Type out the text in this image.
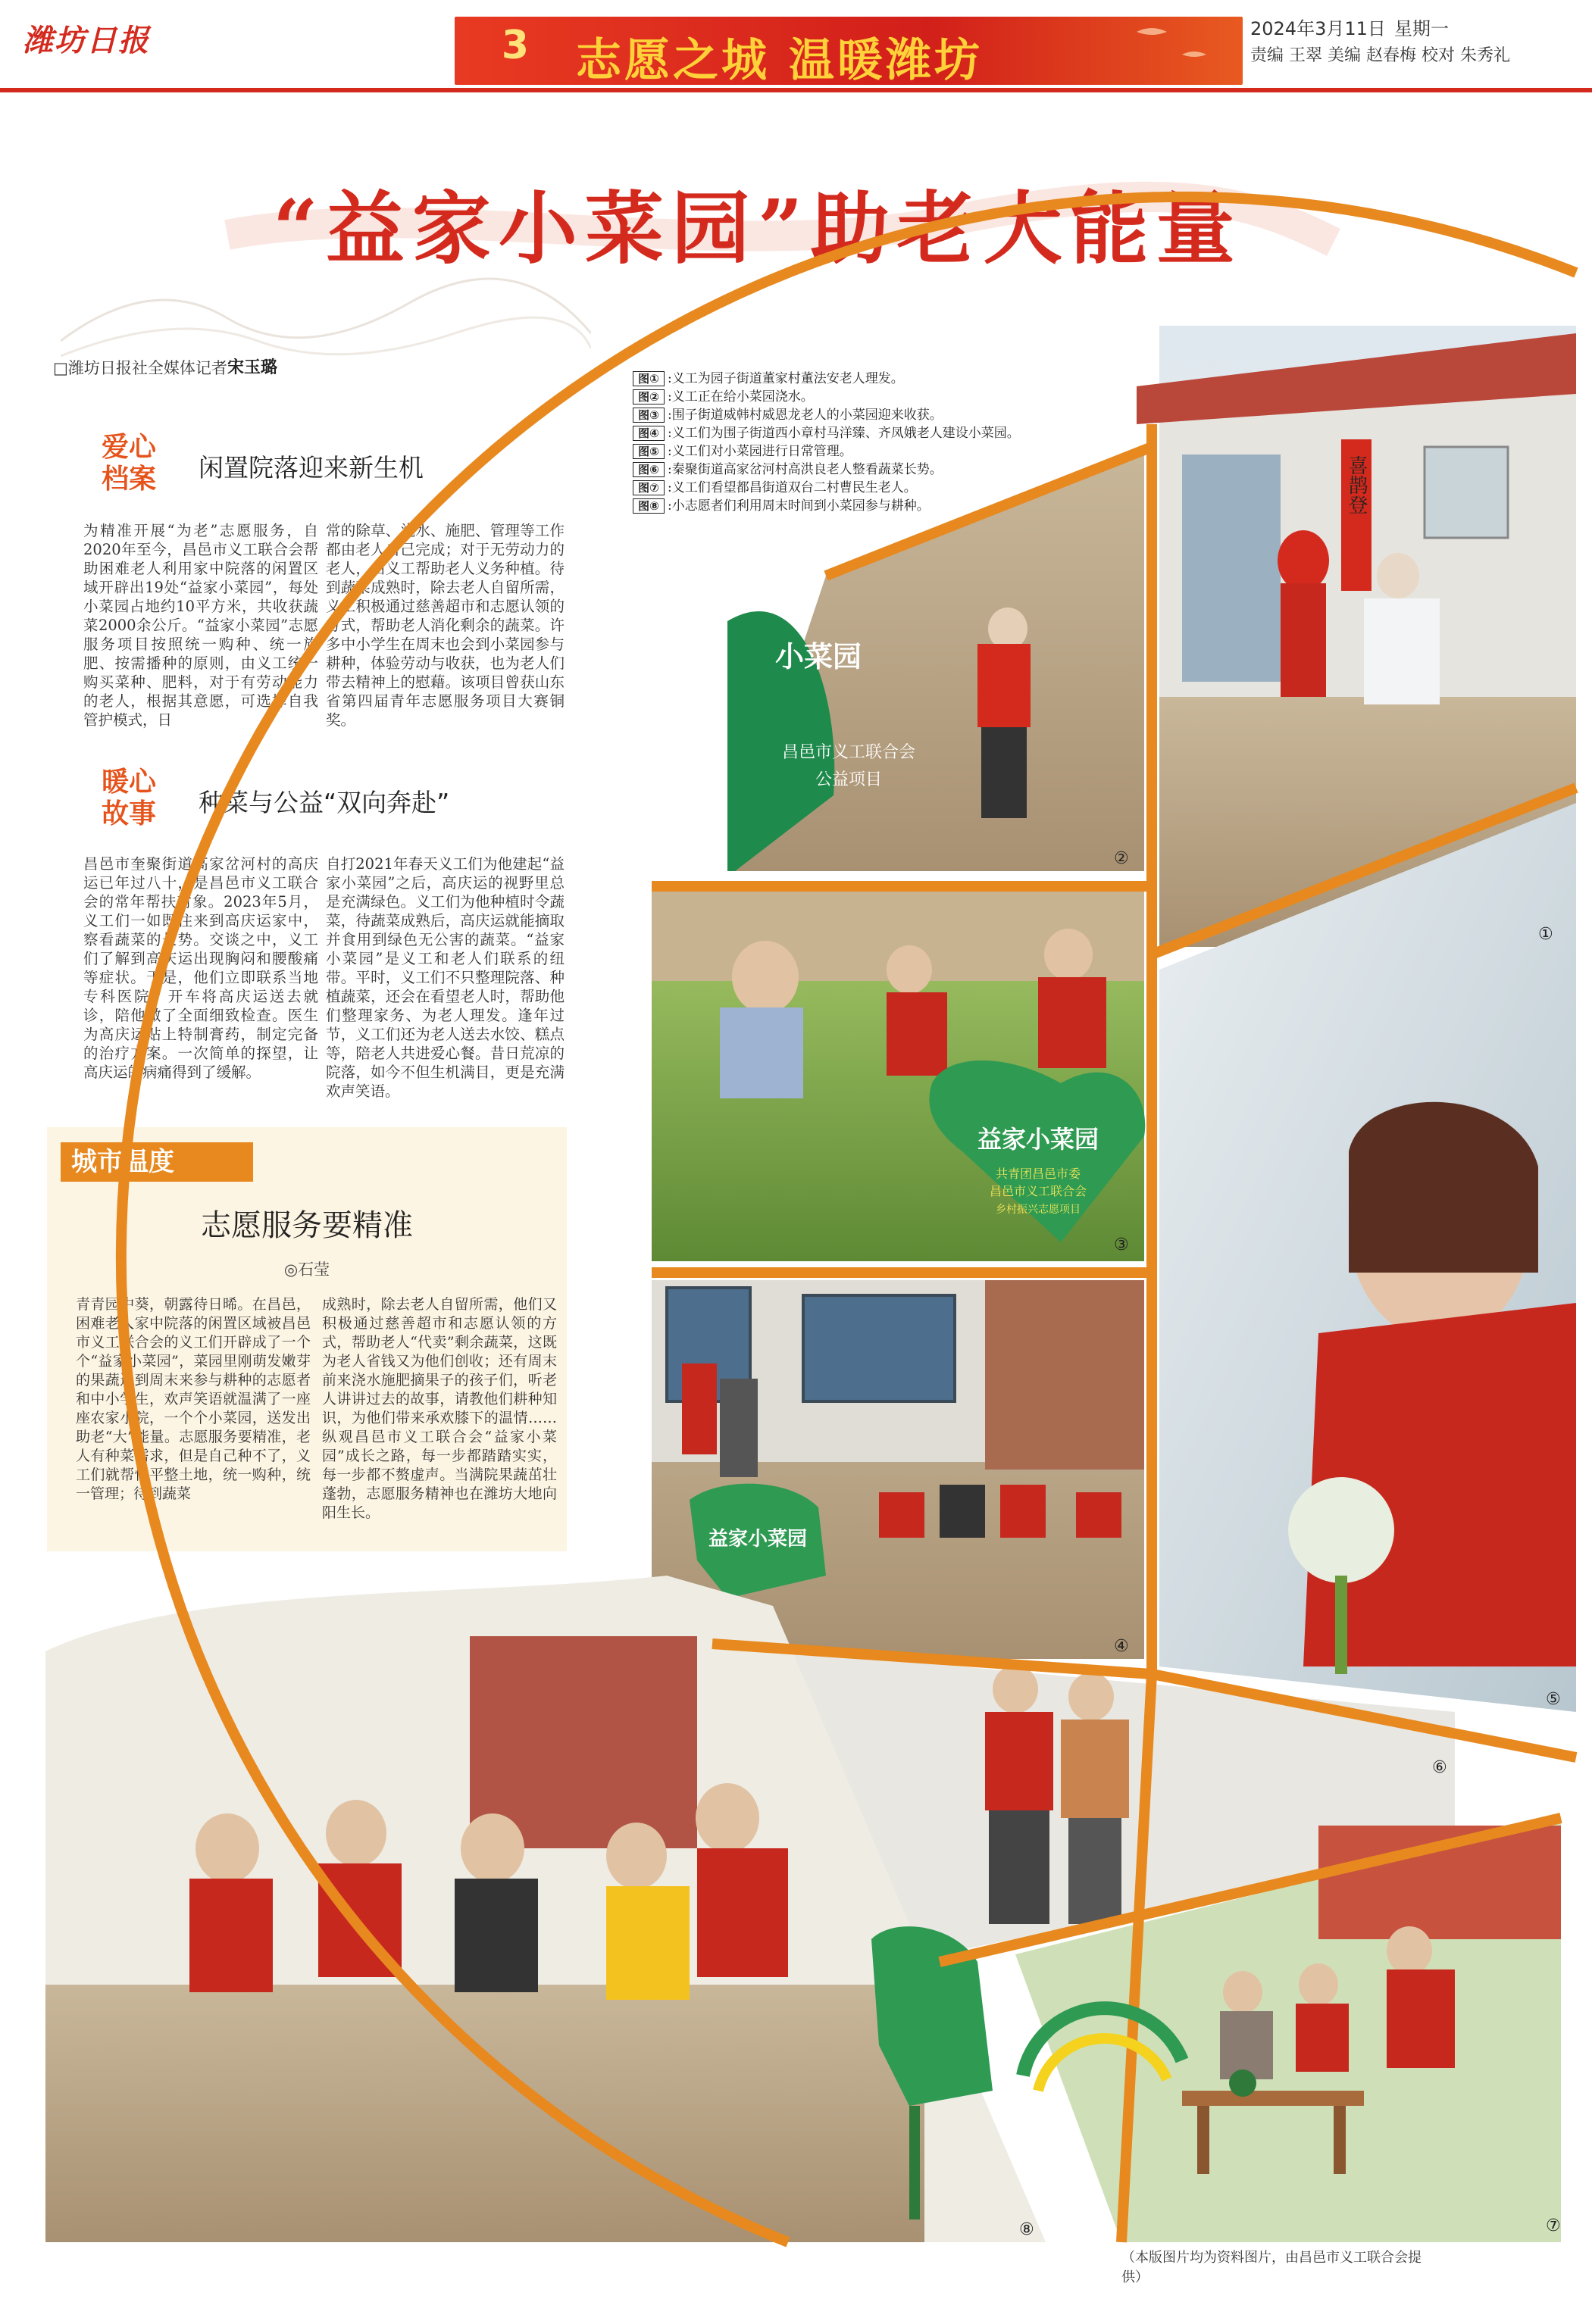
潍坊日报	3 志愿之城 温暖潍坊
2024年3月11日 星期一
责编 王翠 美编 赵春梅 校对 朱秀礼
“益家小菜园”助老大能量
□潍坊日报社全媒体记者 宋玉璐
图① :义工为园子街道董家村董法安老人理发。
图② :义工正在给小菜园浇水。
图③ :围子街道威韩村威恩龙老人的小菜园迎来收获。
图④ :义工们为围子街道西小章村马洋臻、齐凤娥老人建设小菜园。
图⑤ :义工们对小菜园进行日常管理。
图⑥ :秦聚街道高家岔河村高洪良老人整看蔬菜长势。
图⑦ :义工们看望都昌街道双台二村曹民生老人。
图⑧ :小志愿者们利用周末时间到小菜园参与耕种。
爱心
档案 闲置院落迎来新生机
为精准开展“为老”志愿服务，自2020年至今，昌邑市义工联合会帮助困难老人利用家中院落的闲置区域开辟出19处“益家小菜园”，每处小菜园占地约10平方米，共收获蔬菜2000余公斤。“益家小菜园”志愿服务项目按照统一购种、统一施肥、按需播种的原则，由义工统一购买菜种、肥料，对于有劳动能力的老人，根据其意愿，可选择自我管护模式，日
常的除草、浇水、施肥、管理等工作都由老人自己完成；对于无劳动力的老人，由义工帮助老人义务种植。待到蔬菜成熟时，除去老人自留所需，义工积极通过慈善超市和志愿认领的方式，帮助老人消化剩余的蔬菜。许多中小学生在周末也会到小菜园参与耕种，体验劳动与收获，也为老人们带去精神上的慰藉。该项目曾获山东省第四届青年志愿服务项目大赛铜奖。
暖心
故事 种菜与公益“双向奔赴”
昌邑市奎聚街道高家岔河村的高庆运已年过八十，是昌邑市义工联合会的常年帮扶对象。2023年5月，义工们一如既往来到高庆运家中，察看蔬菜的长势。交谈之中，义工们了解到高庆运出现胸闷和腰酸痛等症状。于是，他们立即联系当地专科医院，开车将高庆运送去就诊，陪他做了全面细致检查。医生为高庆运贴上特制膏药，制定完备的治疗方案。一次简单的探望，让高庆运的病痛得到了缓解。
自打2021年春天义工们为他建起“益家小菜园”之后，高庆运的视野里总是充满绿色。义工们为他种植时令蔬菜，待蔬菜成熟后，高庆运就能摘取并食用到绿色无公害的蔬菜。“益家小菜园”是义工和老人们联系的纽带。平时，义工们不只整理院落、种植蔬菜，还会在看望老人时，帮助他们整理家务、为老人理发。逢年过节，义工们还为老人送去水饺、糕点等，陪老人共进爱心餐。昔日荒凉的院落，如今不但生机满目，更是充满欢声笑语。
城市温度
志愿服务要精准
◎石莹
青青园中葵，朝露待日晞。在昌邑，困难老人家中院落的闲置区域被昌邑市义工联合会的义工们开辟成了一个个“益家小菜园”，菜园里刚萌发嫩芽的果蔬遇到周末来参与耕种的志愿者和中小学生，欢声笑语就温满了一座座农家小院，一个个小菜园，送发出助老“大”能量。志愿服务要精准，老人有种菜需求，但是自己种不了，义工们就帮忙平整土地，统一购种，统一管理；待到蔬菜
成熟时，除去老人自留所需，他们又积极通过慈善超市和志愿认领的方式，帮助老人“代卖”剩余蔬菜，这既为老人省钱又为他们创收；还有周末前来浇水施肥摘果子的孩子们，听老人讲讲过去的故事，请教他们耕种知识，为他们带来承欢膝下的温情……纵观昌邑市义工联合会“益家小菜园”成长之路，每一步都踏踏实实，每一步都不赘虚声。当满院果蔬茁壮蓬勃，志愿服务精神也在潍坊大地向阳生长。
喜鹊登
小菜园
昌邑市义工联合会
公益项目
益家小菜园
共青团昌邑市委
昌邑市义工联合会
乡村振兴志愿项目
益家小菜园
①
②
③
④
⑤
⑥
⑦
⑧
（本版图片均为资料图片，由昌邑市义工联合会提供）
